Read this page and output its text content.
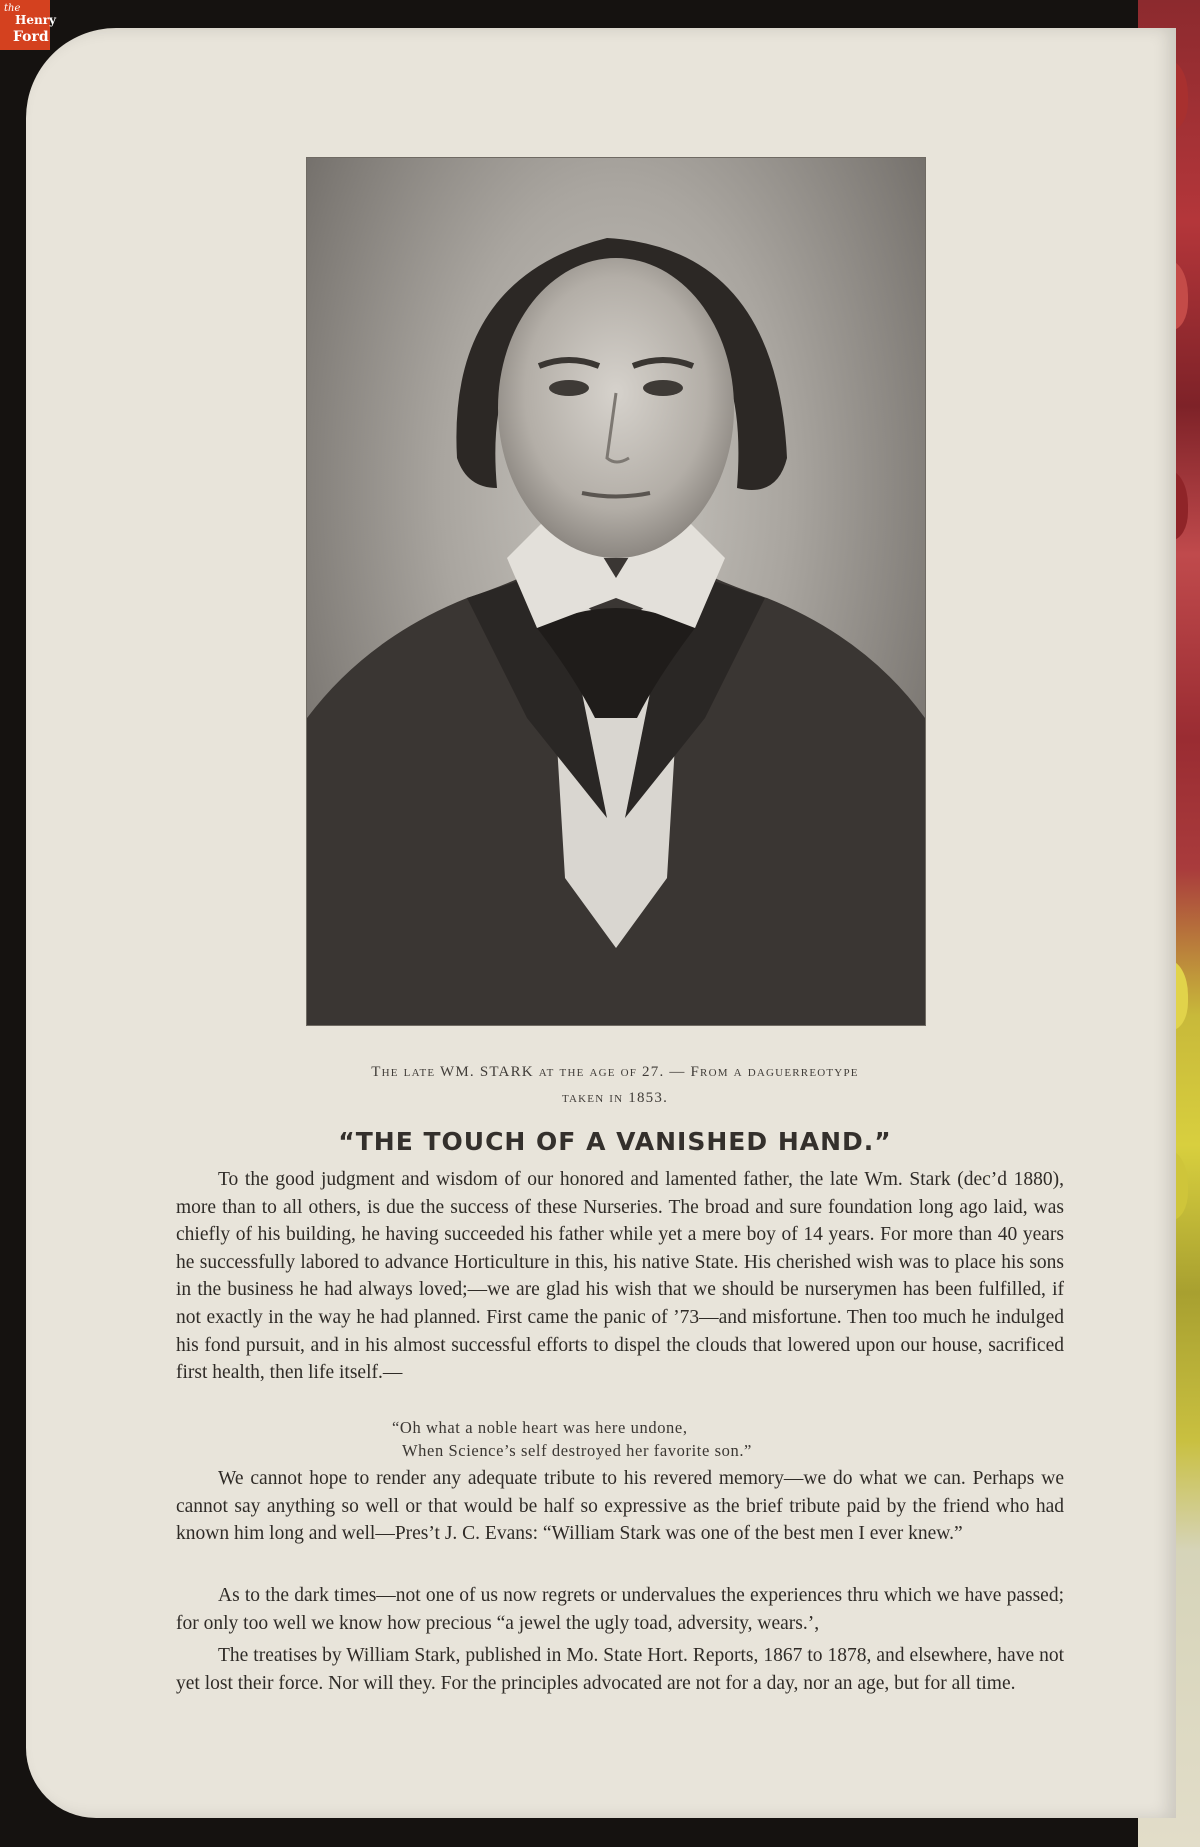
the
Henry
Ford
The late WM. STARK at the age of 27. — From a daguerreotype
taken in 1853.
“THE TOUCH OF A VANISHED HAND.”

To the good judgment and wisdom of our honored and lamented father, the late Wm. Stark (dec’d 1880), more than to all others, is due the success of these Nurseries. The broad and sure foundation long ago laid, was chiefly of his building, he having succeeded his father while yet a mere boy of 14 years. For more than 40 years he successfully labored to advance Horticulture in this, his native State. His cherished wish was to place his sons in the business he had always loved;—we are glad his wish that we should be nurserymen has been fulfilled, if not exactly in the way he had planned. First came the panic of ’73—and misfortune. Then too much he indulged his fond pursuit, and in his almost successful efforts to dispel the clouds that lowered upon our house, sacrificed first health, then life itself.—

“Oh what a noble heart was here undone,
When Science’s self destroyed her favorite son.”

We cannot hope to render any adequate tribute to his revered memory—we do what we can. Perhaps we cannot say anything so well or that would be half so expressive as the brief tribute paid by the friend who had known him long and well—Pres’t J. C. Evans: “William Stark was one of the best men I ever knew.”

As to the dark times—not one of us now regrets or undervalues the experiences thru which we have passed; for only too well we know how precious “a jewel the ugly toad, adversity, wears.’,

The treatises by William Stark, published in Mo. State Hort. Reports, 1867 to 1878, and elsewhere, have not yet lost their force. Nor will they. For the principles advocated are not for a day, nor an age, but for all time.
